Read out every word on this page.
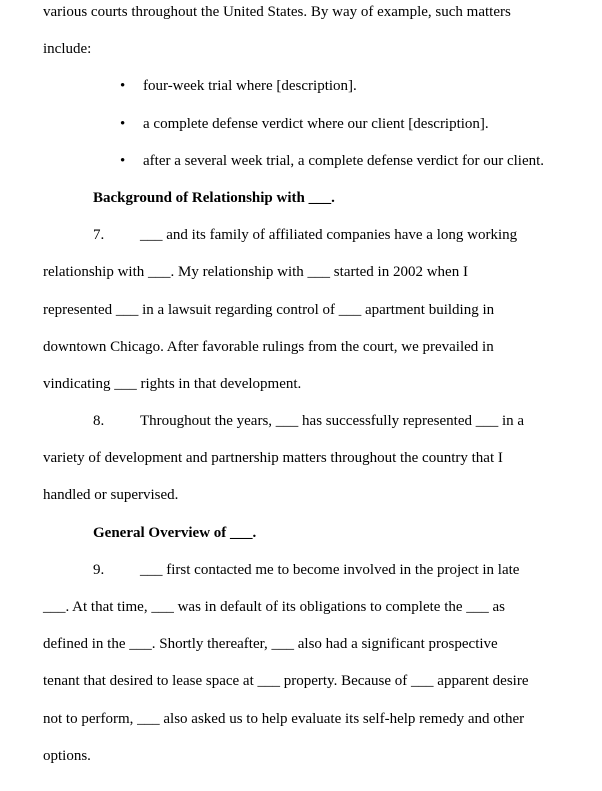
various courts throughout the United States. By way of example, such matters
include:
• four-week trial where [description].
• a complete defense verdict where our client [description].
• after a several week trial, a complete defense verdict for our client.
Background of Relationship with ___.
7. ___ and its family of affiliated companies have a long working
relationship with ___. My relationship with ___ started in 2002 when I
represented ___ in a lawsuit regarding control of ___ apartment building in
downtown Chicago. After favorable rulings from the court, we prevailed in
vindicating ___ rights in that development.
8. Throughout the years, ___ has successfully represented ___ in a
variety of development and partnership matters throughout the country that I
handled or supervised.
General Overview of ___.
9. ___ first contacted me to become involved in the project in late
___. At that time, ___ was in default of its obligations to complete the ___ as
defined in the ___. Shortly thereafter, ___ also had a significant prospective
tenant that desired to lease space at ___ property. Because of ___ apparent desire
not to perform, ___ also asked us to help evaluate its self-help remedy and other
options.
